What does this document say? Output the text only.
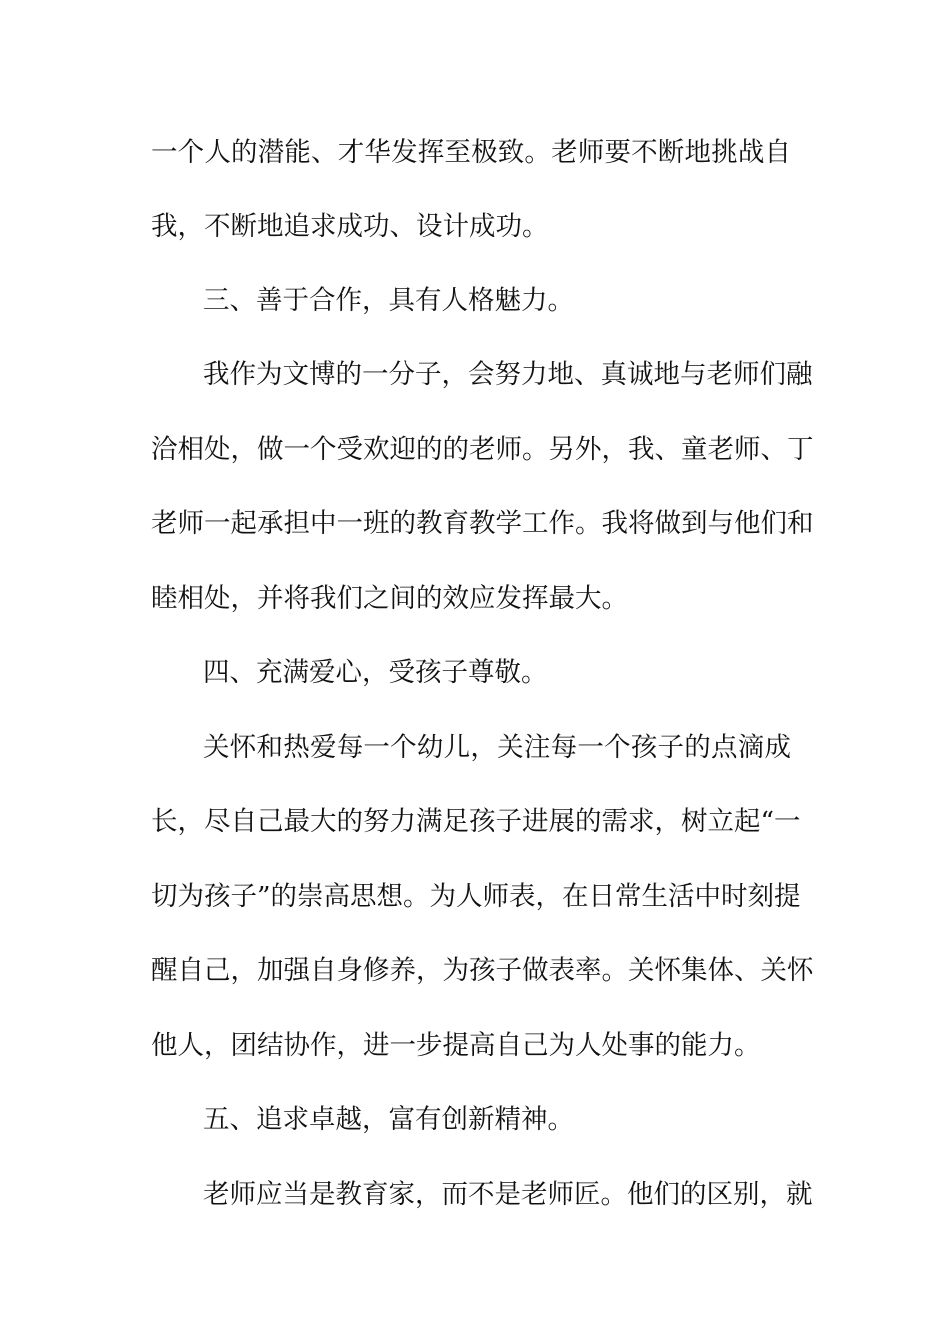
一个人的潜能、才华发挥至极致。老师要不断地挑战自
我，不断地追求成功、设计成功。
三、善于合作，具有人格魅力。
我作为文博的一分子，会努力地、真诚地与老师们融
洽相处，做一个受欢迎的的老师。另外，我、童老师、丁
老师一起承担中一班的教育教学工作。我将做到与他们和
睦相处，并将我们之间的效应发挥最大。
四、充满爱心，受孩子尊敬。
关怀和热爱每一个幼儿，关注每一个孩子的点滴成
长，尽自己最大的努力满足孩子进展的需求，树立起“一
切为孩子”的崇高思想。为人师表，在日常生活中时刻提
醒自己，加强自身修养，为孩子做表率。关怀集体、关怀
他人，团结协作，进一步提高自己为人处事的能力。
五、追求卓越，富有创新精神。
老师应当是教育家，而不是老师匠。他们的区别，就
